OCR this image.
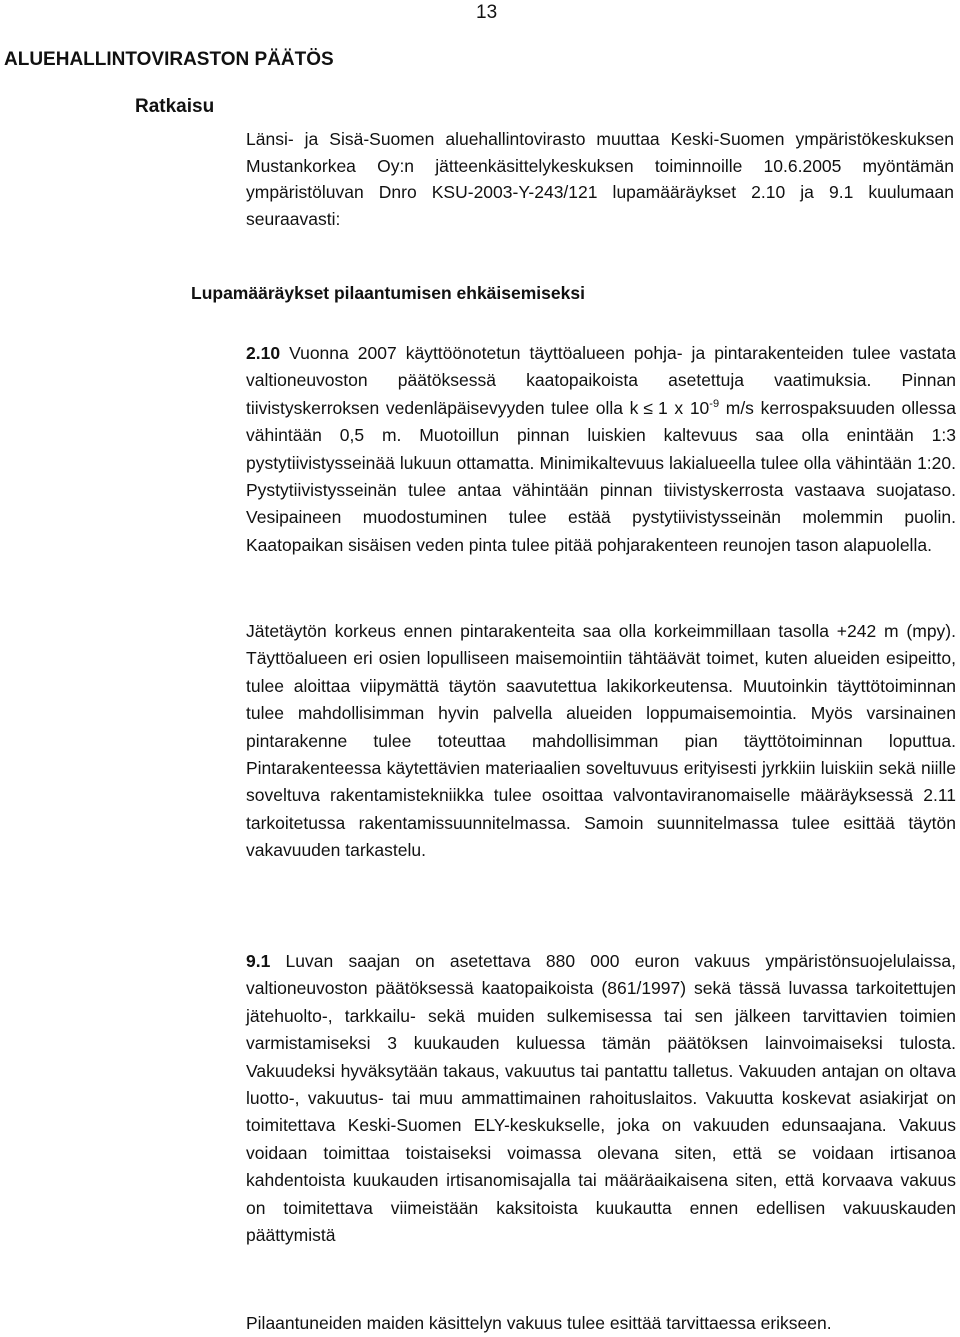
13
ALUEHALLINTOVIRASTON PÄÄTÖS
Ratkaisu

Länsi- ja Sisä-Suomen aluehallintovirasto muuttaa Keski-Suomen ympäristökeskuksen Mustankorkea Oy:n jätteenkäsittelykeskuksen toiminnoille 10.6.2005 myöntämän ympäristöluvan Dnro KSU-2003-Y-243/121 lupamääräykset 2.10 ja 9.1 kuulumaan seuraavasti:

Lupamääräykset pilaantumisen ehkäisemiseksi

2.10 Vuonna 2007 käyttöönotetun täyttöalueen pohja- ja pintarakenteiden tulee vastata valtioneuvoston päätöksessä kaatopaikoista asetettuja vaatimuksia. Pinnan tiivistyskerroksen vedenläpäisevyyden tulee olla k ≤ 1 x $10^{-9}$ m/s kerrospaksuuden ollessa vähintään 0,5 m. Muotoillun pinnan luiskien kaltevuus saa olla enintään 1:3 pystytiivistysseinää lukuun ottamatta. Minimikaltevuus lakialueella tulee olla vähintään 1:20. Pystytiivistysseinän tulee antaa vähintään pinnan tiivistyskerrosta vastaava suojataso. Vesipaineen muodostuminen tulee estää pystytiivistysseinän molemmin puolin. Kaatopaikan sisäisen veden pinta tulee pitää pohjarakenteen reunojen tason alapuolella.

Jätetäytön korkeus ennen pintarakenteita saa olla korkeimmillaan tasolla +242 m (mpy). Täyttöalueen eri osien lopulliseen maisemointiin tähtäävät toimet, kuten alueiden esipeitto, tulee aloittaa viipymättä täytön saavutettua lakikorkeutensa. Muutoinkin täyttötoiminnan tulee mahdollisimman hyvin palvella alueiden loppumaisemointia. Myös varsinainen pintarakenne tulee toteuttaa mahdollisimman pian täyttötoiminnan loputtua. Pintarakenteessa käytettävien materiaalien soveltuvuus erityisesti jyrkkiin luiskiin sekä niille soveltuva rakentamistekniikka tulee osoittaa valvontaviranomaiselle määräyksessä 2.11 tarkoitetussa rakentamissuunnitelmassa. Samoin suunnitelmassa tulee esittää täytön vakavuuden tarkastelu.

9.1 Luvan saajan on asetettava 880 000 euron vakuus ympäristönsuojelulaissa, valtioneuvoston päätöksessä kaatopaikoista (861/1997) sekä tässä luvassa tarkoitettujen jätehuolto-, tarkkailu- sekä muiden sulkemisessa tai sen jälkeen tarvittavien toimien varmistamiseksi 3 kuukauden kuluessa tämän päätöksen lainvoimaiseksi tulosta. Vakuudeksi hyväksytään takaus, vakuutus tai pantattu talletus. Vakuuden antajan on oltava luotto-, vakuutus- tai muu ammattimainen rahoituslaitos. Vakuutta koskevat asiakirjat on toimitettava Keski-Suomen ELY-keskukselle, joka on vakuuden edunsaajana. Vakuus voidaan toimittaa toistaiseksi voimassa olevana siten, että se voidaan irtisanoa kahdentoista kuukauden irtisanomisajalla tai määräaikaisena siten, että korvaava vakuus on toimitettava viimeistään kaksitoista kuukautta ennen edellisen vakuuskauden päättymistä

Pilaantuneiden maiden käsittelyn vakuus tulee esittää tarvittaessa erikseen.
